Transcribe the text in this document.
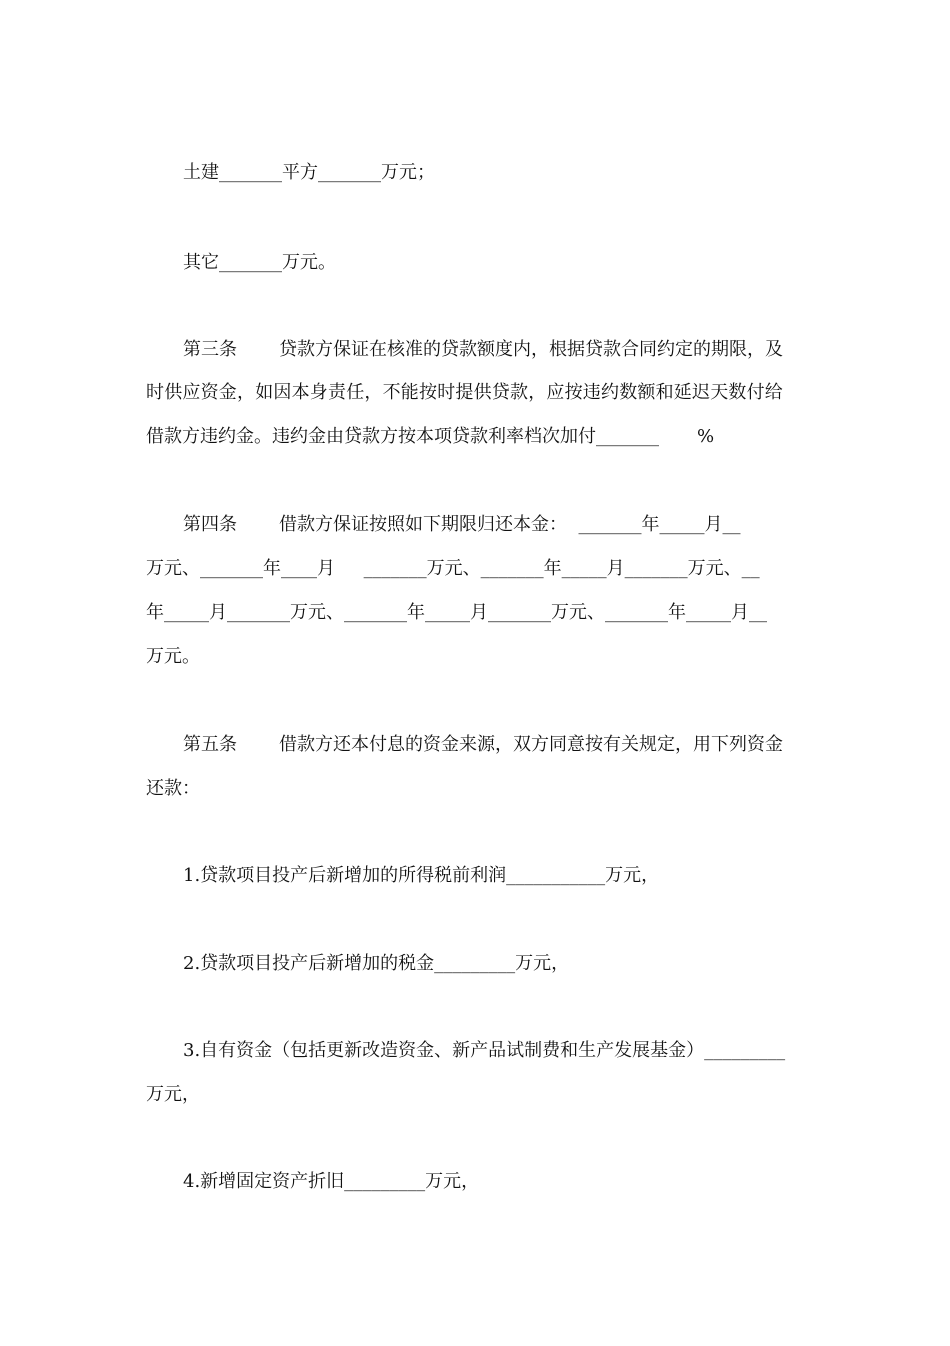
土建_______平方_______万元；
其它_______万元。
第三条 贷款方保证在核准的贷款额度内，根据贷款合同约定的期限，及
时供应资金，如因本身责任，不能按时提供贷款，应按违约数额和延迟天数付给
借款方违约金。违约金由贷款方按本项贷款利率档次加付_______ %
第四条 借款方保证按照如下期限归还本金：  _______年_____月__
万元、_______年____月     _______万元、_______年_____月_______万元、__
年_____月_______万元、_______年_____月_______万元、_______年_____月__
万元。
第五条 借款方还本付息的资金来源，双方同意按有关规定，用下列资金
还款：
1.贷款项目投产后新增加的所得税前利润___________万元，
2.贷款项目投产后新增加的税金_________万元，
3.自有资金（包括更新改造资金、新产品试制费和生产发展基金）_________
万元，
4.新增固定资产折旧_________万元，
